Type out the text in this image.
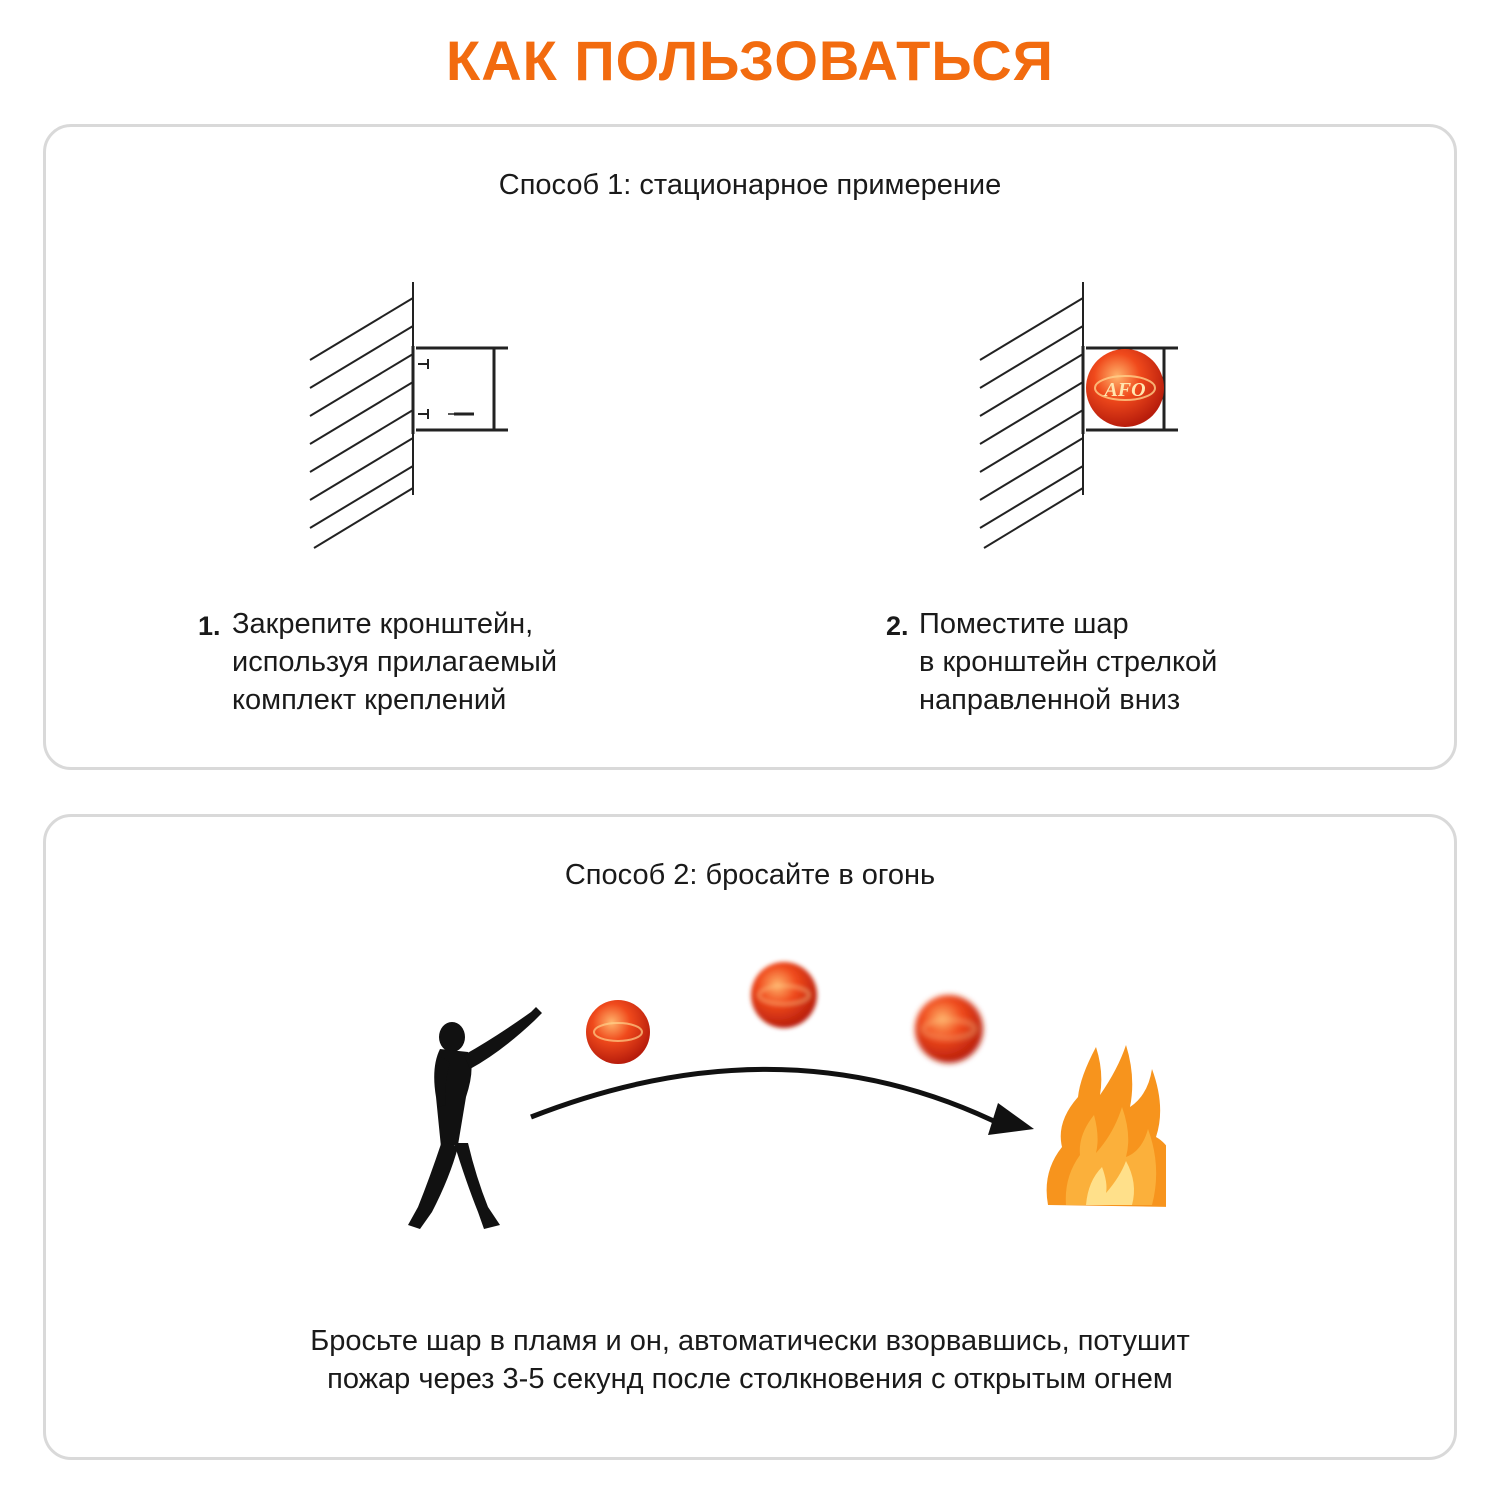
КАК ПОЛЬЗОВАТЬСЯ
Способ 1: стационарное примерение
AFO
1. Закрепите кронштейн,
используя прилагаемый
комплект креплений
2. Поместите шар
в кронштейн стрелкой
направленной вниз
Способ 2: бросайте в огонь
Бросьте шар в пламя и он, автоматически взорвавшись, потушит
пожар через 3-5 секунд после столкновения с открытым огнем
